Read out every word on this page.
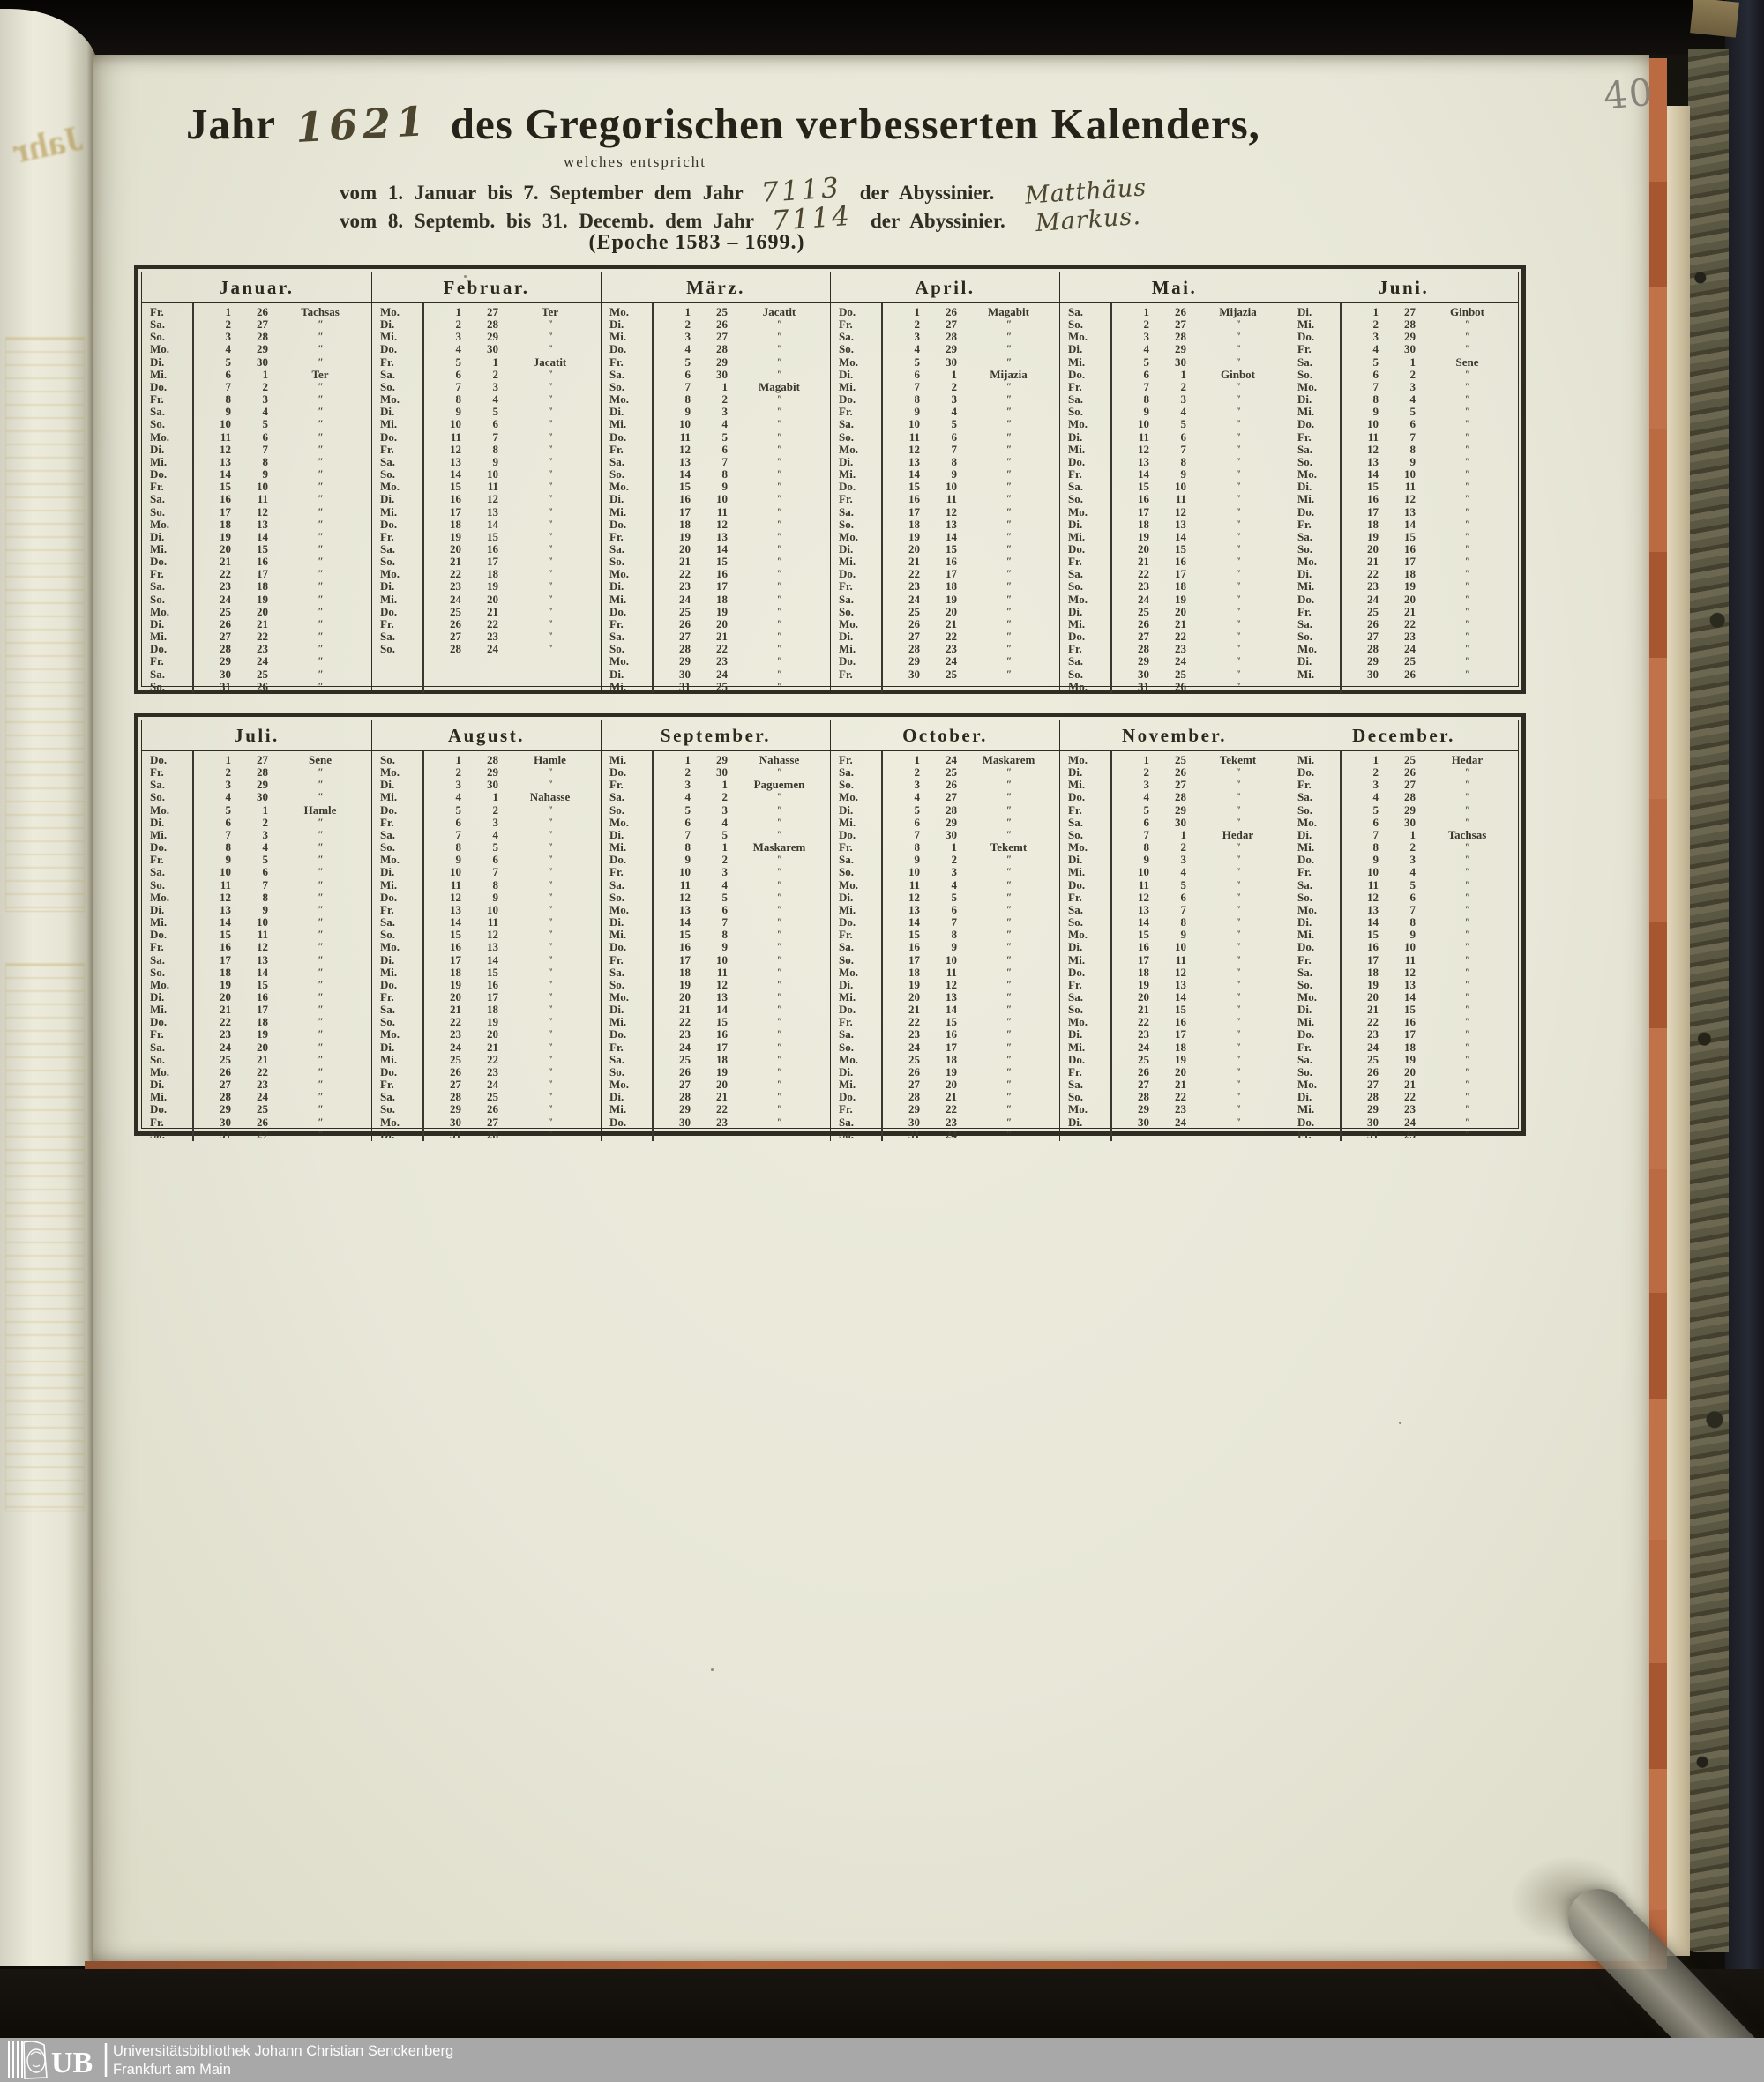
Jahr
40
Jahr 1621 des Gregorischen verbesserten Kalenders,
welches entspricht
vom 1. Januar bis 7. September dem Jahr 7113 der Abyssinier. Matthäus
vom 8. Septemb. bis 31. Decemb. dem Jahr 7114 der Abyssinier. Markus.
(Epoche 1583 – 1699.)
Januar.
Fr.	1	26	Tachsas
Sa.	2	27	″
So.	3	28	″
Mo.	4	29	″
Di.	5	30	″
Mi.	6	1	Ter
Do.	7	2	″
Fr.	8	3	″
Sa.	9	4	″
So.	10	5	″
Mo.	11	6	″
Di.	12	7	″
Mi.	13	8	″
Do.	14	9	″
Fr.	15	10	″
Sa.	16	11	″
So.	17	12	″
Mo.	18	13	″
Di.	19	14	″
Mi.	20	15	″
Do.	21	16	″
Fr.	22	17	″
Sa.	23	18	″
So.	24	19	″
Mo.	25	20	″
Di.	26	21	″
Mi.	27	22	″
Do.	28	23	″
Fr.	29	24	″
Sa.	30	25	″
So.	31	26	″
Februar.
Mo.	1	27	Ter
Di.	2	28	″
Mi.	3	29	″
Do.	4	30	″
Fr.	5	1	Jacatit
Sa.	6	2	″
So.	7	3	″
Mo.	8	4	″
Di.	9	5	″
Mi.	10	6	″
Do.	11	7	″
Fr.	12	8	″
Sa.	13	9	″
So.	14	10	″
Mo.	15	11	″
Di.	16	12	″
Mi.	17	13	″
Do.	18	14	″
Fr.	19	15	″
Sa.	20	16	″
So.	21	17	″
Mo.	22	18	″
Di.	23	19	″
Mi.	24	20	″
Do.	25	21	″
Fr.	26	22	″
Sa.	27	23	″
So.	28	24	″
März.
Mo.	1	25	Jacatit
Di.	2	26	″
Mi.	3	27	″
Do.	4	28	″
Fr.	5	29	″
Sa.	6	30	″
So.	7	1	Magabit
Mo.	8	2	″
Di.	9	3	″
Mi.	10	4	″
Do.	11	5	″
Fr.	12	6	″
Sa.	13	7	″
So.	14	8	″
Mo.	15	9	″
Di.	16	10	″
Mi.	17	11	″
Do.	18	12	″
Fr.	19	13	″
Sa.	20	14	″
So.	21	15	″
Mo.	22	16	″
Di.	23	17	″
Mi.	24	18	″
Do.	25	19	″
Fr.	26	20	″
Sa.	27	21	″
So.	28	22	″
Mo.	29	23	″
Di.	30	24	″
Mi.	31	25	″
April.
Do.	1	26	Magabit
Fr.	2	27	″
Sa.	3	28	″
So.	4	29	″
Mo.	5	30	″
Di.	6	1	Mijazia
Mi.	7	2	″
Do.	8	3	″
Fr.	9	4	″
Sa.	10	5	″
So.	11	6	″
Mo.	12	7	″
Di.	13	8	″
Mi.	14	9	″
Do.	15	10	″
Fr.	16	11	″
Sa.	17	12	″
So.	18	13	″
Mo.	19	14	″
Di.	20	15	″
Mi.	21	16	″
Do.	22	17	″
Fr.	23	18	″
Sa.	24	19	″
So.	25	20	″
Mo.	26	21	″
Di.	27	22	″
Mi.	28	23	″
Do.	29	24	″
Fr.	30	25	″
Mai.
Sa.	1	26	Mijazia
So.	2	27	″
Mo.	3	28	″
Di.	4	29	″
Mi.	5	30	″
Do.	6	1	Ginbot
Fr.	7	2	″
Sa.	8	3	″
So.	9	4	″
Mo.	10	5	″
Di.	11	6	″
Mi.	12	7	″
Do.	13	8	″
Fr.	14	9	″
Sa.	15	10	″
So.	16	11	″
Mo.	17	12	″
Di.	18	13	″
Mi.	19	14	″
Do.	20	15	″
Fr.	21	16	″
Sa.	22	17	″
So.	23	18	″
Mo.	24	19	″
Di.	25	20	″
Mi.	26	21	″
Do.	27	22	″
Fr.	28	23	″
Sa.	29	24	″
So.	30	25	″
Mo.	31	26	″
Juni.
Di.	1	27	Ginbot
Mi.	2	28	″
Do.	3	29	″
Fr.	4	30	″
Sa.	5	1	Sene
So.	6	2	″
Mo.	7	3	″
Di.	8	4	″
Mi.	9	5	″
Do.	10	6	″
Fr.	11	7	″
Sa.	12	8	″
So.	13	9	″
Mo.	14	10	″
Di.	15	11	″
Mi.	16	12	″
Do.	17	13	″
Fr.	18	14	″
Sa.	19	15	″
So.	20	16	″
Mo.	21	17	″
Di.	22	18	″
Mi.	23	19	″
Do.	24	20	″
Fr.	25	21	″
Sa.	26	22	″
So.	27	23	″
Mo.	28	24	″
Di.	29	25	″
Mi.	30	26	″
Juli.
Do.	1	27	Sene
Fr.	2	28	″
Sa.	3	29	″
So.	4	30	″
Mo.	5	1	Hamle
Di.	6	2	″
Mi.	7	3	″
Do.	8	4	″
Fr.	9	5	″
Sa.	10	6	″
So.	11	7	″
Mo.	12	8	″
Di.	13	9	″
Mi.	14	10	″
Do.	15	11	″
Fr.	16	12	″
Sa.	17	13	″
So.	18	14	″
Mo.	19	15	″
Di.	20	16	″
Mi.	21	17	″
Do.	22	18	″
Fr.	23	19	″
Sa.	24	20	″
So.	25	21	″
Mo.	26	22	″
Di.	27	23	″
Mi.	28	24	″
Do.	29	25	″
Fr.	30	26	″
Sa.	31	27	″
August.
So.	1	28	Hamle
Mo.	2	29	″
Di.	3	30	″
Mi.	4	1	Nahasse
Do.	5	2	″
Fr.	6	3	″
Sa.	7	4	″
So.	8	5	″
Mo.	9	6	″
Di.	10	7	″
Mi.	11	8	″
Do.	12	9	″
Fr.	13	10	″
Sa.	14	11	″
So.	15	12	″
Mo.	16	13	″
Di.	17	14	″
Mi.	18	15	″
Do.	19	16	″
Fr.	20	17	″
Sa.	21	18	″
So.	22	19	″
Mo.	23	20	″
Di.	24	21	″
Mi.	25	22	″
Do.	26	23	″
Fr.	27	24	″
Sa.	28	25	″
So.	29	26	″
Mo.	30	27	″
Di.	31	28	″
September.
Mi.	1	29	Nahasse
Do.	2	30	″
Fr.	3	1	Paguemen
Sa.	4	2	″
So.	5	3	″
Mo.	6	4	″
Di.	7	5	″
Mi.	8	1	Maskarem
Do.	9	2	″
Fr.	10	3	″
Sa.	11	4	″
So.	12	5	″
Mo.	13	6	″
Di.	14	7	″
Mi.	15	8	″
Do.	16	9	″
Fr.	17	10	″
Sa.	18	11	″
So.	19	12	″
Mo.	20	13	″
Di.	21	14	″
Mi.	22	15	″
Do.	23	16	″
Fr.	24	17	″
Sa.	25	18	″
So.	26	19	″
Mo.	27	20	″
Di.	28	21	″
Mi.	29	22	″
Do.	30	23	″
October.
Fr.	1	24	Maskarem
Sa.	2	25	″
So.	3	26	″
Mo.	4	27	″
Di.	5	28	″
Mi.	6	29	″
Do.	7	30	″
Fr.	8	1	Tekemt
Sa.	9	2	″
So.	10	3	″
Mo.	11	4	″
Di.	12	5	″
Mi.	13	6	″
Do.	14	7	″
Fr.	15	8	″
Sa.	16	9	″
So.	17	10	″
Mo.	18	11	″
Di.	19	12	″
Mi.	20	13	″
Do.	21	14	″
Fr.	22	15	″
Sa.	23	16	″
So.	24	17	″
Mo.	25	18	″
Di.	26	19	″
Mi.	27	20	″
Do.	28	21	″
Fr.	29	22	″
Sa.	30	23	″
So.	31	24	″
November.
Mo.	1	25	Tekemt
Di.	2	26	″
Mi.	3	27	″
Do.	4	28	″
Fr.	5	29	″
Sa.	6	30	″
So.	7	1	Hedar
Mo.	8	2	″
Di.	9	3	″
Mi.	10	4	″
Do.	11	5	″
Fr.	12	6	″
Sa.	13	7	″
So.	14	8	″
Mo.	15	9	″
Di.	16	10	″
Mi.	17	11	″
Do.	18	12	″
Fr.	19	13	″
Sa.	20	14	″
So.	21	15	″
Mo.	22	16	″
Di.	23	17	″
Mi.	24	18	″
Do.	25	19	″
Fr.	26	20	″
Sa.	27	21	″
So.	28	22	″
Mo.	29	23	″
Di.	30	24	″
December.
Mi.	1	25	Hedar
Do.	2	26	″
Fr.	3	27	″
Sa.	4	28	″
So.	5	29	″
Mo.	6	30	″
Di.	7	1	Tachsas
Mi.	8	2	″
Do.	9	3	″
Fr.	10	4	″
Sa.	11	5	″
So.	12	6	″
Mo.	13	7	″
Di.	14	8	″
Mi.	15	9	″
Do.	16	10	″
Fr.	17	11	″
Sa.	18	12	″
So.	19	13	″
Mo.	20	14	″
Di.	21	15	″
Mi.	22	16	″
Do.	23	17	″
Fr.	24	18	″
Sa.	25	19	″
So.	26	20	″
Mo.	27	21	″
Di.	28	22	″
Mi.	29	23	″
Do.	30	24	″
Fr.	31	25	″
UB Universitätsbibliothek Johann Christian Senckenberg
Frankfurt am Main
